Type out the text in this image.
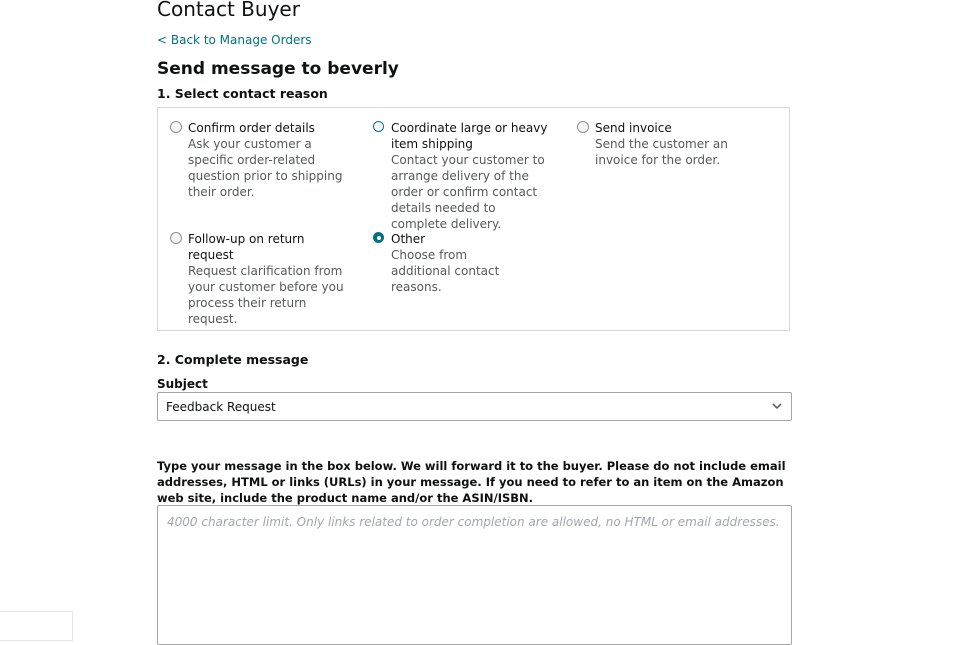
Contact Buyer
< Back to Manage Orders
Send message to beverly
1. Select contact reason
Confirm order details
Ask your customer a specific order-related question prior to shipping their order.
Coordinate large or heavy item shipping
Contact your customer to arrange delivery of the order or confirm contact details needed to complete delivery.
Send invoice
Send the customer an invoice for the order.
Follow-up on return request
Request clarification from your customer before you process their return request.
Other
Choose from additional contact reasons.
2. Complete message
Subject
Feedback Request
Type your message in the box below. We will forward it to the buyer. Please do not include email addresses, HTML or links (URLs) in your message. If you need to refer to an item on the Amazon web site, include the product name and/or the ASIN/ISBN.
4000 character limit. Only links related to order completion are allowed, no HTML or email addresses.
